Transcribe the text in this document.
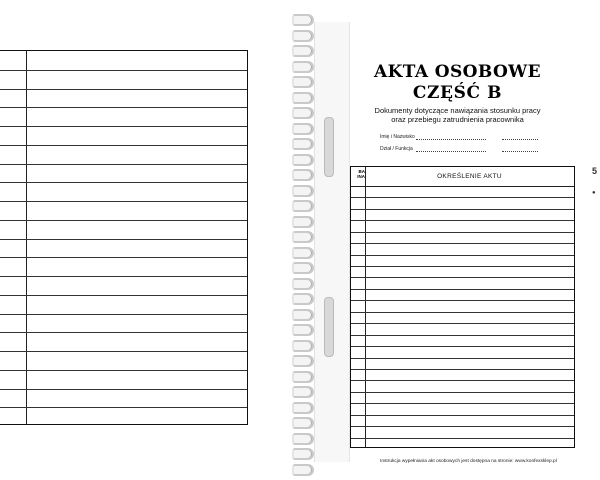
AKTA OSOBOWE
CZĘŚĆ B
Dokumenty dotyczące nawiązania stosunku pracy
oraz przebiegu zatrudnienia pracownika
Imię i Nazwisko
Dział / Funkcja
BA
INA	OKREŚLENIE AKTU
Instrukcja wypełniania akt osobowych jest dostępna na stronie: www.konfexsklep.pl
5
●
